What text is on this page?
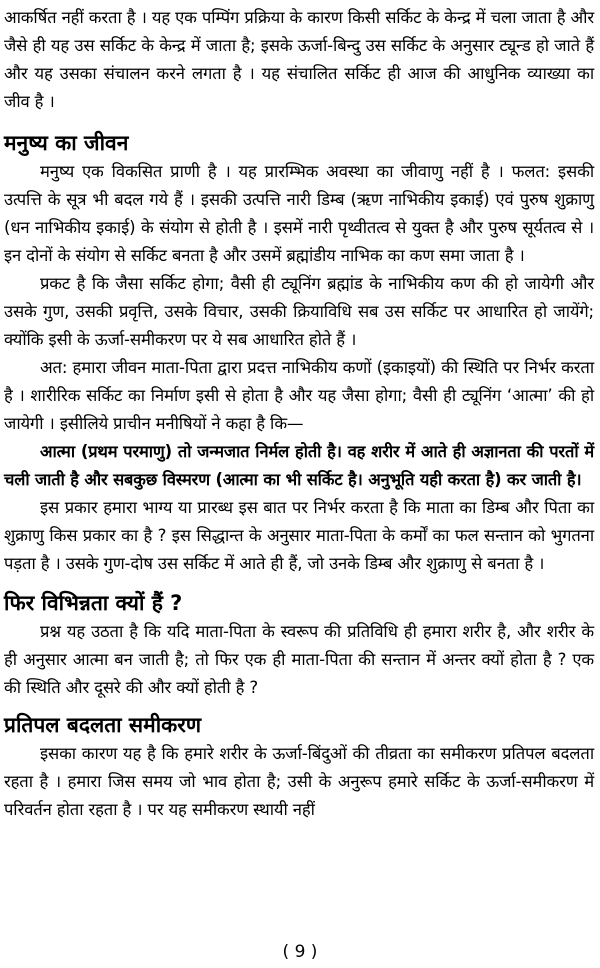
आकर्षित नहीं करता है । यह एक पम्पिंग प्रक्रिया के कारण किसी सर्किट के केन्द्र में चला जाता है और जैसे ही यह उस सर्किट के केन्द्र में जाता है; इसके ऊर्जा-बिन्दु उस सर्किट के अनुसार ट्यून्ड हो जाते हैं और यह उसका संचालन करने लगता है । यह संचालित सर्किट ही आज की आधुनिक व्याख्या का जीव है ।

मनुष्य का जीवन

मनुष्य एक विकसित प्राणी है । यह प्रारम्भिक अवस्था का जीवाणु नहीं है । फलत: इसकी उत्पत्ति के सूत्र भी बदल गये हैं । इसकी उत्पत्ति नारी डिम्ब (ऋण नाभिकीय इकाई) एवं पुरुष शुक्राणु (धन नाभिकीय इकाई) के संयोग से होती है । इसमें नारी पृथ्वीतत्व से युक्त है और पुरुष सूर्यतत्व से । इन दोनों के संयोग से सर्किट बनता है और उसमें ब्रह्मांडीय नाभिक का कण समा जाता है ।

प्रकट है कि जैसा सर्किट होगा; वैसी ही ट्यूनिंग ब्रह्मांड के नाभिकीय कण की हो जायेगी और उसके गुण, उसकी प्रवृत्ति, उसके विचार, उसकी क्रियाविधि सब उस सर्किट पर आधारित हो जायेंगे; क्योंकि इसी के ऊर्जा-समीकरण पर ये सब आधारित होते हैं ।

अत: हमारा जीवन माता-पिता द्वारा प्रदत्त नाभिकीय कणों (इकाइयों) की स्थिति पर निर्भर करता है । शारीरिक सर्किट का निर्माण इसी से होता है और यह जैसा होगा; वैसी ही ट्यूनिंग ‘आत्मा’ की हो जायेगी । इसीलिये प्राचीन मनीषियों ने कहा है कि—

आत्मा (प्रथम परमाणु) तो जन्मजात निर्मल होती है। वह शरीर में आते ही अज्ञानता की परतों में चली जाती है और सबकुछ विस्मरण (आत्मा का भी सर्किट है। अनुभूति यही करता है) कर जाती है।

इस प्रकार हमारा भाग्य या प्रारब्ध इस बात पर निर्भर करता है कि माता का डिम्ब और पिता का शुक्राणु किस प्रकार का है ? इस सिद्धान्त के अनुसार माता-पिता के कर्मों का फल सन्तान को भुगतना पड़ता है । उसके गुण-दोष उस सर्किट में आते ही हैं, जो उनके डिम्ब और शुक्राणु से बनता है ।

फिर विभिन्नता क्यों हैं ?

प्रश्न यह उठता है कि यदि माता-पिता के स्वरूप की प्रतिविधि ही हमारा शरीर है, और शरीर के ही अनुसार आत्मा बन जाती है; तो फिर एक ही माता-पिता की सन्तान में अन्तर क्यों होता है ? एक की स्थिति और दूसरे की और क्यों होती है ?

प्रतिपल बदलता समीकरण

इसका कारण यह है कि हमारे शरीर के ऊर्जा-बिंदुओं की तीव्रता का समीकरण प्रतिपल बदलता रहता है । हमारा जिस समय जो भाव होता है; उसी के अनुरूप हमारे सर्किट के ऊर्जा-समीकरण में परिवर्तन होता रहता है । पर यह समीकरण स्थायी नहीं

( 9 )
